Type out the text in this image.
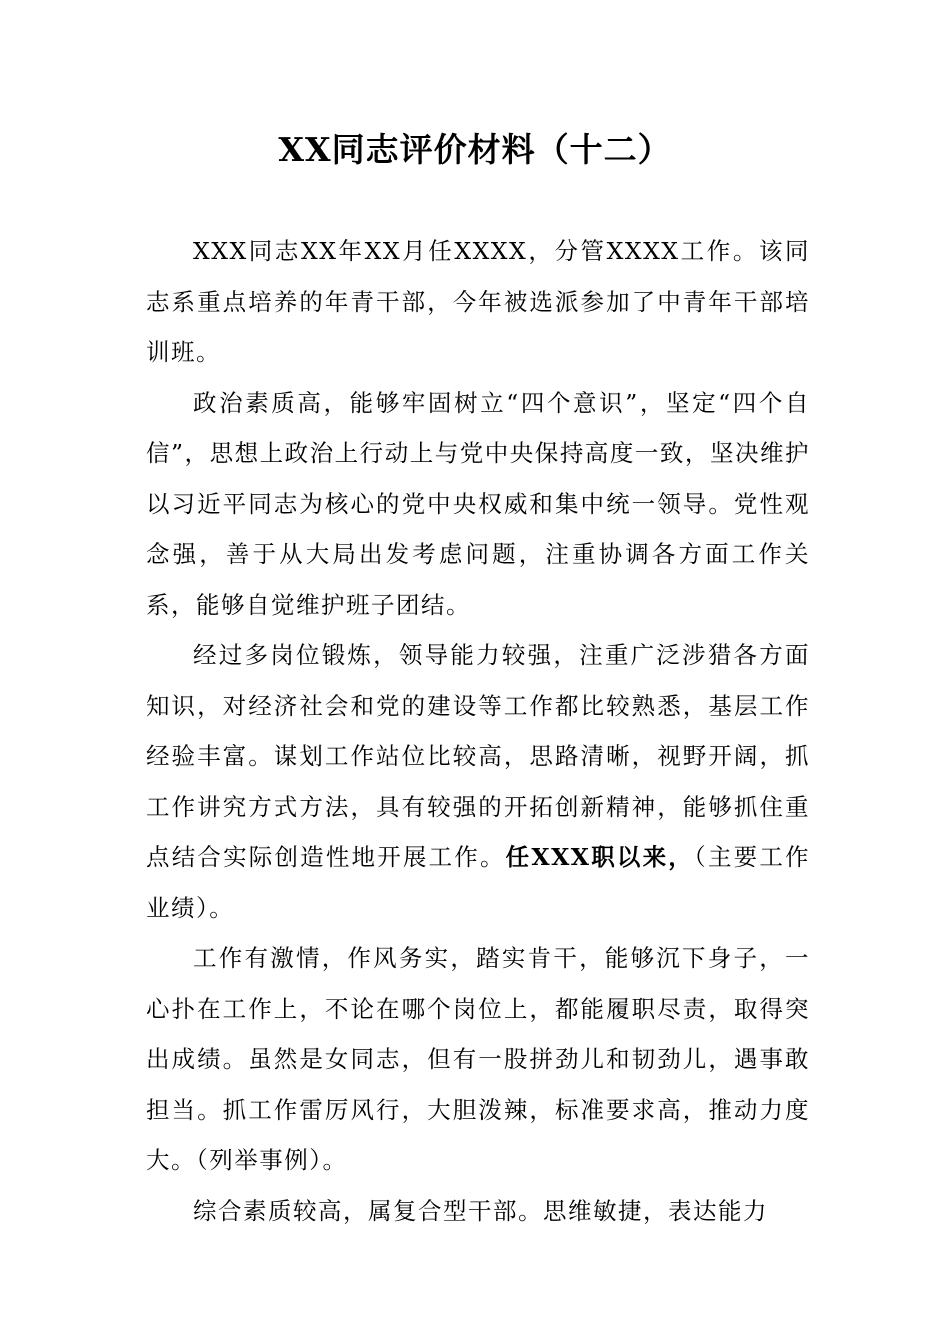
XX同志评价材料（十二）

XXX同志XX年XX月任XXXX，分管XXXX工作。该同志系重点培养的年青干部，今年被选派参加了中青年干部培训班。

政治素质高，能够牢固树立“四个意识”，坚定“四个自信”，思想上政治上行动上与党中央保持高度一致，坚决维护以习近平同志为核心的党中央权威和集中统一领导。党性观念强，善于从大局出发考虑问题，注重协调各方面工作关系，能够自觉维护班子团结。

经过多岗位锻炼，领导能力较强，注重广泛涉猎各方面知识，对经济社会和党的建设等工作都比较熟悉，基层工作经验丰富。谋划工作站位比较高，思路清晰，视野开阔，抓工作讲究方式方法，具有较强的开拓创新精神，能够抓住重点结合实际创造性地开展工作。任XXX职以来，（主要工作业绩）。

工作有激情，作风务实，踏实肯干，能够沉下身子，一心扑在工作上，不论在哪个岗位上，都能履职尽责，取得突出成绩。虽然是女同志，但有一股拼劲儿和韧劲儿，遇事敢担当。抓工作雷厉风行，大胆泼辣，标准要求高，推动力度大。（列举事例）。

综合素质较高，属复合型干部。思维敏捷，表达能力
